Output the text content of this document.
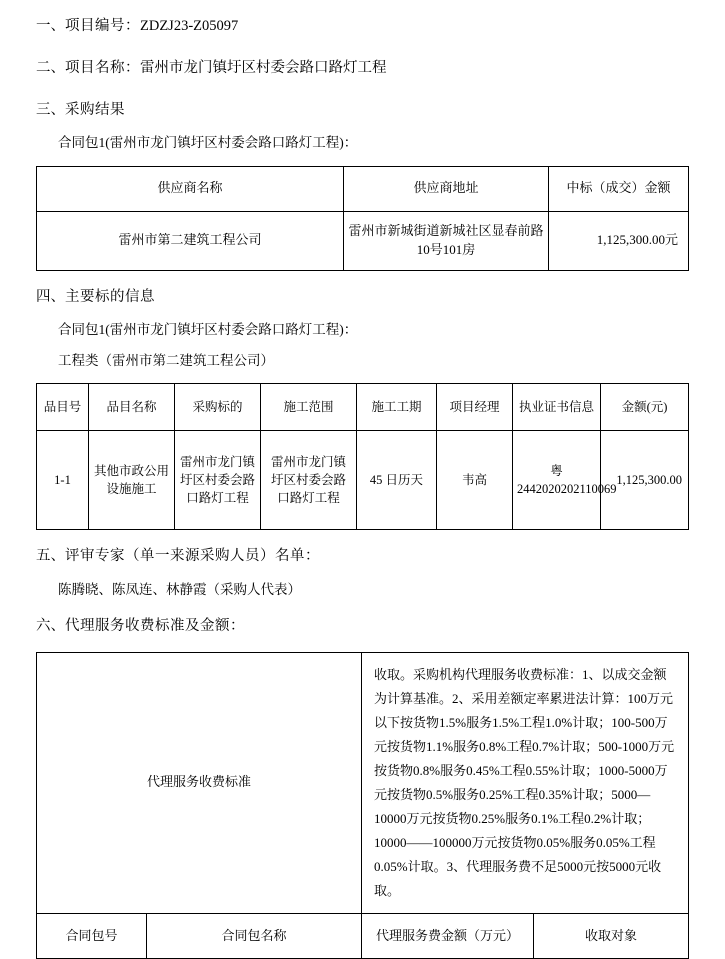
一、项目编号：ZDZJ23-Z05097
二、项目名称：雷州市龙门镇圩区村委会路口路灯工程
三、采购结果
合同包1(雷州市龙门镇圩区村委会路口路灯工程)：
供应商名称	供应商地址	中标（成交）金额
雷州市第二建筑工程公司	雷州市新城街道新城社区显春前路10号101房	1,125,300.00元
四、主要标的信息
合同包1(雷州市龙门镇圩区村委会路口路灯工程)：
工程类（雷州市第二建筑工程公司）
品目号	品目名称	采购标的	施工范围	施工工期	项目经理	执业证书信息	金额(元)
1-1	其他市政公用设施施工	雷州市龙门镇圩区村委会路口路灯工程	雷州市龙门镇圩区村委会路口路灯工程	45 日历天	韦高	粤2442020202110069	1,125,300.00
五、评审专家（单一来源采购人员）名单：
陈腾晓、陈凤连、林静霞（采购人代表）
六、代理服务收费标准及金额：
代理服务收费标准		收取。采购机构代理服务收费标准：1、以成交金额为计算基准。2、采用差额定率累进法计算：100万元以下按货物1.5%服务1.5%工程1.0%计取；100-500万元按货物1.1%服务0.8%工程0.7%计取；500-1000万元按货物0.8%服务0.45%工程0.55%计取；1000-5000万元按货物0.5%服务0.25%工程0.35%计取；5000—10000万元按货物0.25%服务0.1%工程0.2%计取；10000——100000万元按货物0.05%服务0.05%工程0.05%计取。3、代理服务费不足5000元按5000元收取。	
合同包号	合同包名称	代理服务费金额（万元）	收取对象
